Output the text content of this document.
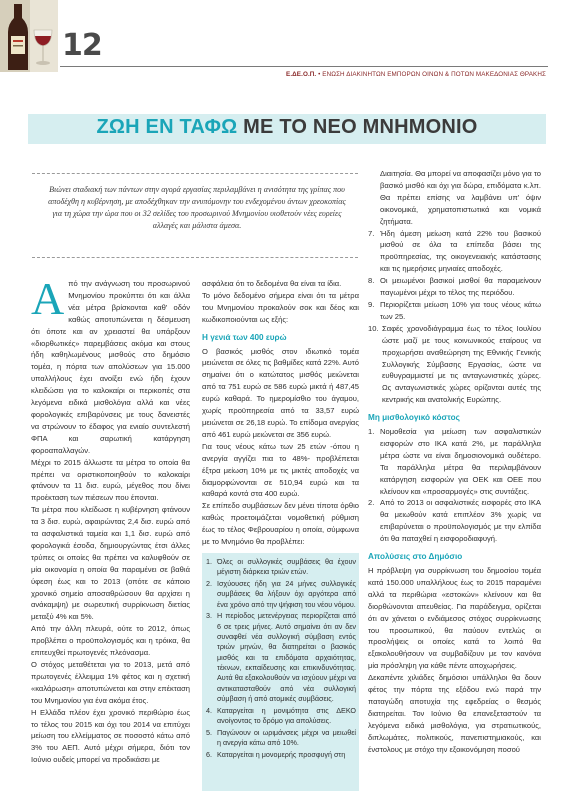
12
Ε.ΔΕ.Ο.Π. • ΕΝΩΣΗ ΔΙΑΚΙΝΗΤΩΝ ΕΜΠΟΡΩΝ ΟΙΝΩΝ & ΠΟΤΩΝ ΜΑΚΕΔΟΝΙΑΣ ΘΡΑΚΗΣ
ΖΩΗ ΕΝ ΤΑΦΩ ΜΕ ΤΟ ΝΕΟ ΜΝΗΜΟΝΙΟ
Βιώνει σταδιακή των πάντων στην αγορά εργασίας περιλαμβάνει η ανισότητα της γρίπας που αποδέχθη η κυβέρνηση, με αποδέχθηκαν την ανυπόμονην του ενδεχομένου άντων χρεοκοπίας για τη χώρα την ώρα που οι 32 σελίδες του προσωρινού Μνημονίου υιοθετούν νέες ευρείες αλλαγές και μάλιστα άμεσα.

Από την ανάγνωση του προσωρινού Μνημονίου προκύπτει ότι και άλλα νέα μέτρα βρίσκονται καθ' οδόν καθώς αποτυπώνεται η δέσμευση ότι όποτε και αν χρειαστεί θα υπάρξουν «διορθωτικές» παρεμβάσεις ακόμα και στους ήδη καθηλωμένους μισθούς στο δημόσιο τομέα, η πόρτα των απολύσεων για 15.000 υπαλλήλους έχει ανοίξει ενώ ήδη έχουν κλειδώσει για το καλοκαίρι οι περικοπές στα λεγόμενα ειδικά μισθολόγια αλλά και νέες φορολογικές επιβαρύνσεις με τους δανειστές να στρώνουν το έδαφος για ενιαίο συντελεστή ΦΠΑ και σαρωτική κατάργηση φοροαπαλλαγών.

Μέχρι το 2015 άλλωστε τα μέτρα το οποία θα πρέπει να οριστικοποιηθούν το καλοκαίρι φτάνουν τα 11 δισ. ευρώ, μέγεθος που δίνει προέκταση των πιέσεων που έπονται.

Τα μέτρα που κλείδωσε η κυβέρνηση φτάνουν τα 3 δισ. ευρώ, αφαιρώντας 2,4 δισ. ευρώ από τα ασφαλιστικά ταμεία και 1,1 δισ. ευρώ από φορολογικά έσοδα, δημιουργώντας έτσι άλλες τρύπες οι οποίες θα πρέπει να καλυφθούν σε μία οικονομία η οποία θα παραμένει σε βαθιά ύφεση έως και το 2013 (οπότε σε κάποιο χρονικό σημείο αποσαθρώσουν θα αρχίσει η ανάκαμψη) με σωρευτική συρρίκνωση διετίας μεταξύ 4% και 5%.

Από την άλλη πλευρά, ούτε το 2012, όπως προβλέπει ο προϋπολογισμός και η τρόικα, θα επιτευχθεί πρωτογενές πλεόνασμα.

Ο στόχος μεταθέτεται για το 2013, μετά από πρωτογενές έλλειμμα 1% φέτος και η σχετική «καλάρωση» αποτυπώνεται και στην επέκταση του Μνημονίου για ένα ακόμα έτος.

Η Ελλάδα πλέον έχει χρονικό περιθώριο έως το τέλος του 2015 και όχι του 2014 να επιτύχει μείωση του ελλείμματος σε ποσοστό κάτω από 3% του ΑΕΠ. Αυτό μέχρι σήμερα, διότι τον Ιούνιο ουδείς μπορεί να προδικάσει με

ασφάλεια ότι το δεδομένα θα είναι τα ίδια.

Το μόνο δεδομένο σήμερα είναι ότι τα μέτρα του Μνημονίου προκαλούν σοκ και δέος και κωδικοποιούνται ως εξής:

Η γενιά των 400 ευρώ

Ο βασικός μισθός στον ιδιωτικό τομέα μειώνεται σε όλες τις βαθμίδες κατά 22%. Αυτό σημαίνει ότι ο κατώτατος μισθός μειώνεται από τα 751 ευρώ σε 586 ευρώ μικτά ή 487,45 ευρώ καθαρά. Το ημερομίσθιο του άγαμου, χωρίς προϋπηρεσία από τα 33,57 ευρώ μειώνεται σε 26,18 ευρώ. Το επίδομα ανεργίας από 461 ευρώ μειώνεται σε 356 ευρώ.

Για τους νέους κάτω των 25 ετών -όπου η ανεργία αγγίζει πια το 48%- προβλέπεται έξτρα μείωση 10% με τις μικτές αποδοχές να διαμορφώνονται σε 510,94 ευρώ και τα καθαρά κοντά στα 400 ευρώ.

Σε επίπεδο συμβάσεων δεν μένει τίποτα όρθιο καθώς προετοιμάζεται νομοθετική ρύθμιση έως το τέλος Φεβρουαρίου η οποία, σύμφωνα με το Μνημόνιο θα προβλέπει:

1. Όλες οι συλλογικές συμβάσεις θα έχουν μέγιστη διάρκεια τριών ετών.
2. Ισχύουσες ήδη για 24 μήνες συλλογικές συμβάσεις θα λήξουν όχι αργότερα από ένα χρόνο από την ψήφιση του νέου νόμου.
3. Η περίοδος μετενέργειας περιορίζεται από 6 σε τρεις μήνες. Αυτό σημαίνει ότι αν δεν συναφθεί νέα συλλογική σύμβαση εντός τριών μηνών, θα διατηρείται ο βασικός μισθός και τα επιδόματα αρχαιότητας, τέκνων, εκπαίδευσης και επικινδυνότητας. Αυτά θα εξακολουθούν να ισχύουν μέχρι να αντικατασταθούν από νέα συλλογική σύμβαση ή από ατομικές συμβάσεις.
4. Καταργείται η μονιμότητα στις ΔΕΚΟ ανοίγοντας το δρόμο για απολύσεις.
5. Παγώνουν οι ωριμάνσεις μέχρι να μειωθεί η ανεργία κάτω από 10%.
6. Καταργείται η μονομερής προσφυγή στη

Διαιτησία. Θα μπορεί να αποφασίζει μόνο για το βασικό μισθό και όχι για δώρα, επιδόματα κ.λπ. Θα πρέπει επίσης να λαμβάνει υπ' όψιν οικονομικά, χρηματοπιστωτικά και νομικά ζητήματα.

7. Ήδη άμεση μείωση κατά 22% του βασικού μισθού σε όλα τα επίπεδα βάσει της προϋπηρεσίας, της οικογενειακής κατάστασης και τις ημερήσιες μηνιαίες αποδοχές.
8. Οι μειωμένοι βασικοί μισθοί θα παραμείνουν παγωμένοι μέχρι το τέλος της περιόδου.
9. Περιορίζεται μείωση 10% για τους νέους κάτω των 25.
10. Σαφές χρονοδιάγραμμα έως το τέλος Ιουλίου ώστε μαζί με τους κοινωνικούς εταίρους να προχωρήσει αναθεώρηση της Εθνικής Γενικής Συλλογικής Σύμβασης Εργασίας, ώστε να ευθυγραμμιστεί με τις ανταγωνιστικές χώρες. Ως ανταγωνιστικές χώρες ορίζονται αυτές της κεντρικής και ανατολικής Ευρώπης.
Μη μισθολογικό κόστος
1. Νομοθεσία για μείωση των ασφαλιστικών εισφορών στο ΙΚΑ κατά 2%, με παράλληλα μέτρα ώστε να είναι δημοσιονομικά ουδέτερο. Τα παράλληλα μέτρα θα περιλαμβάνουν κατάργηση εισφορών για ΟΕΚ και ΟΕΕ που κλείνουν και «προσαρμογές» στις συντάξεις.
2. Από το 2013 οι ασφαλιστικές εισφορές στο ΙΚΑ θα μειωθούν κατά επιπλέον 3% χωρίς να επιβαρύνεται ο προϋπολογισμός με την ελπίδα ότι θα παταχθεί η εισφοροδιαφυγή.
Απολύσεις στο Δημόσιο

Η πρόβλεψη για συρρίκνωση του δημοσίου τομέα κατά 150.000 υπαλλήλους έως το 2015 παραμένει αλλά τα περιθώρια «εστοκών» κλείνουν και θα διορθώνονται απευθείας. Για παράδειγμα, ορίζεται ότι αν χάνεται ο ενδιάμεσος στόχος συρρίκνωσης του προσωπικού, θα παύουν εντελώς οι προσλήψεις οι οποίες κατά το λοιπό θα εξακολουθήσουν να συμβαδίζουν με τον κανόνα μία πρόσληψη για κάθε πέντε αποχωρήσεις.

Δεκαπέντε χιλιάδες δημόσιοι υπάλληλοι θα δουν φέτος την πόρτα της εξόδου ενώ παρά την παταγώδη αποτυχία της εφεδρείας ο θεσμός διατηρείται. Τον Ιούνιο θα επανεξεταστούν τα λεγόμενα ειδικά μισθολόγια, για στρατιωτικούς, διπλωμάτες, πολιτικούς, πανεπιστημιακούς, και ένστολους με στόχο την εξοικονόμηση ποσού
